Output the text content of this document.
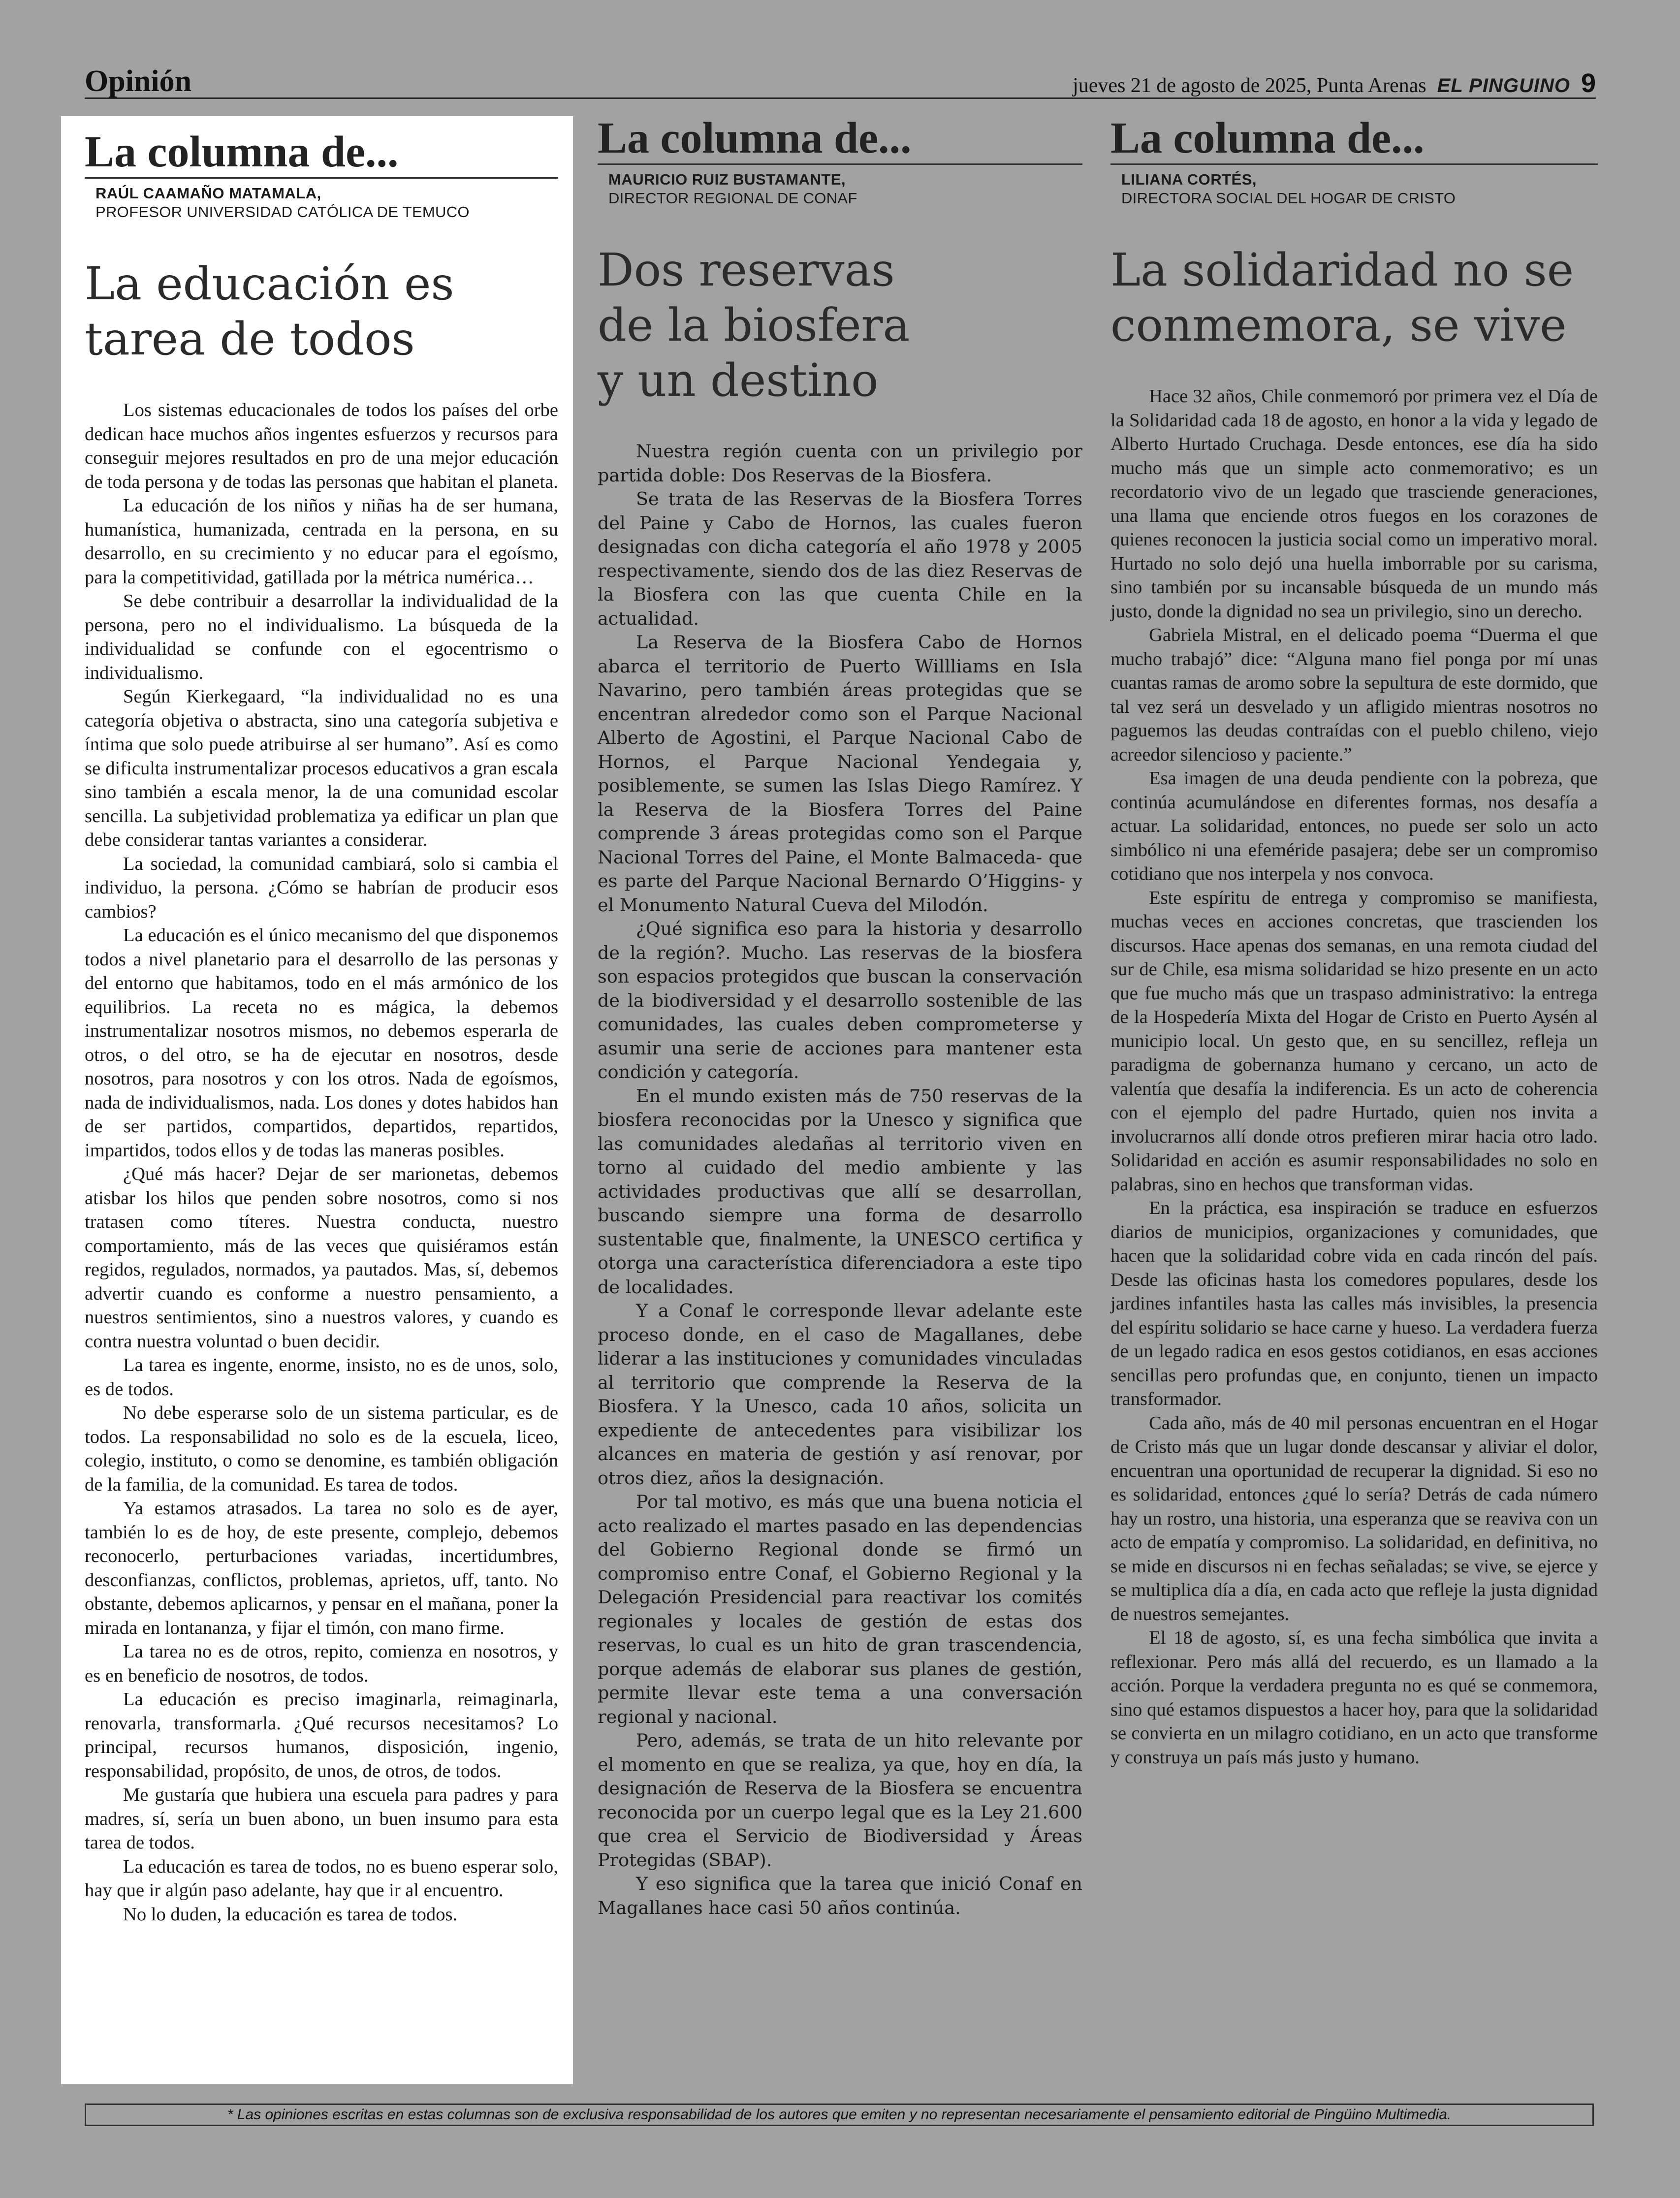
Opinión	jueves 21 de agosto de 2025, Punta Arenas EL PINGUINO 9
La columna de...
RAÚL CAAMAÑO MATAMALA,
PROFESOR UNIVERSIDAD CATÓLICA DE TEMUCO
La educación es
tarea de todos

Los sistemas educacionales de todos los países del orbe dedican hace muchos años ingentes esfuerzos y recursos para conseguir mejores resultados en pro de una mejor educación de toda persona y de todas las personas que habitan el planeta.

La educación de los niños y niñas ha de ser humana, humanística, humanizada, centrada en la persona, en su desarrollo, en su crecimiento y no educar para el egoísmo, para la competitividad, gatillada por la métrica numérica…

Se debe contribuir a desarrollar la individualidad de la persona, pero no el individualismo. La búsqueda de la individualidad se confunde con el egocentrismo o individualismo.

Según Kierkegaard, “la individualidad no es una categoría objetiva o abstracta, sino una categoría subjetiva e íntima que solo puede atribuirse al ser humano”. Así es como se dificulta instrumentalizar procesos educativos a gran escala sino también a escala menor, la de una comunidad escolar sencilla. La subjetividad problematiza ya edificar un plan que debe considerar tantas variantes a considerar.

La sociedad, la comunidad cambiará, solo si cambia el individuo, la persona. ¿Cómo se habrían de producir esos cambios?

La educación es el único mecanismo del que disponemos todos a nivel planetario para el desarrollo de las personas y del entorno que habitamos, todo en el más armónico de los equilibrios. La receta no es mágica, la debemos instrumentalizar nosotros mismos, no debemos esperarla de otros, o del otro, se ha de ejecutar en nosotros, desde nosotros, para nosotros y con los otros. Nada de egoísmos, nada de individualismos, nada. Los dones y dotes habidos han de ser partidos, compartidos, departidos, repartidos, impartidos, todos ellos y de todas las maneras posibles.

¿Qué más hacer? Dejar de ser marionetas, debemos atisbar los hilos que penden sobre nosotros, como si nos tratasen como títeres. Nuestra conducta, nuestro comportamiento, más de las veces que quisiéramos están regidos, regulados, normados, ya pautados. Mas, sí, debemos advertir cuando es conforme a nuestro pensamiento, a nuestros sentimientos, sino a nuestros valores, y cuando es contra nuestra voluntad o buen decidir.

La tarea es ingente, enorme, insisto, no es de unos, solo, es de todos.

No debe esperarse solo de un sistema particular, es de todos. La responsabilidad no solo es de la escuela, liceo, colegio, instituto, o como se denomine, es también obligación de la familia, de la comunidad. Es tarea de todos.

Ya estamos atrasados. La tarea no solo es de ayer, también lo es de hoy, de este presente, complejo, debemos reconocerlo, perturbaciones variadas, incertidumbres, desconfianzas, conflictos, problemas, aprietos, uff, tanto. No obstante, debemos aplicarnos, y pensar en el mañana, poner la mirada en lontananza, y fijar el timón, con mano firme.

La tarea no es de otros, repito, comienza en nosotros, y es en beneficio de nosotros, de todos.

La educación es preciso imaginarla, reimaginarla, renovarla, transformarla. ¿Qué recursos necesitamos? Lo principal, recursos humanos, disposición, ingenio, responsabilidad, propósito, de unos, de otros, de todos.

Me gustaría que hubiera una escuela para padres y para madres, sí, sería un buen abono, un buen insumo para esta tarea de todos.

La educación es tarea de todos, no es bueno esperar solo, hay que ir algún paso adelante, hay que ir al encuentro.

No lo duden, la educación es tarea de todos.

La columna de...
MAURICIO RUIZ BUSTAMANTE,
DIRECTOR REGIONAL DE CONAF
Dos reservas
de la biosfera
y un destino

Nuestra región cuenta con un privilegio por partida doble: Dos Reservas de la Biosfera.

Se trata de las Reservas de la Biosfera Torres del Paine y Cabo de Hornos, las cuales fueron designadas con dicha categoría el año 1978 y 2005 respectivamente, siendo dos de las diez Reservas de la Biosfera con las que cuenta Chile en la actualidad.

La Reserva de la Biosfera Cabo de Hornos abarca el territorio de Puerto Willliams en Isla Navarino, pero también áreas protegidas que se encentran alrededor como son el Parque Nacional Alberto de Agostini, el Parque Nacional Cabo de Hornos, el Parque Nacional Yendegaia y, posiblemente, se sumen las Islas Diego Ramírez. Y la Reserva de la Biosfera Torres del Paine comprende 3 áreas protegidas como son el Parque Nacional Torres del Paine, el Monte Balmaceda- que es parte del Parque Nacional Bernardo O’Higgins- y el Monumento Natural Cueva del Milodón.

¿Qué significa eso para la historia y desarrollo de la región?. Mucho. Las reservas de la biosfera son espacios protegidos que buscan la conservación de la biodiversidad y el desarrollo sostenible de las comunidades, las cuales deben comprometerse y asumir una serie de acciones para mantener esta condición y categoría.

En el mundo existen más de 750 reservas de la biosfera reconocidas por la Unesco y significa que las comunidades aledañas al territorio viven en torno al cuidado del medio ambiente y las actividades productivas que allí se desarrollan, buscando siempre una forma de desarrollo sustentable que, finalmente, la UNESCO certifica y otorga una característica diferenciadora a este tipo de localidades.

Y a Conaf le corresponde llevar adelante este proceso donde, en el caso de Magallanes, debe liderar a las instituciones y comunidades vinculadas al territorio que comprende la Reserva de la Biosfera. Y la Unesco, cada 10 años, solicita un expediente de antecedentes para visibilizar los alcances en materia de gestión y así renovar, por otros diez, años la designación.

Por tal motivo, es más que una buena noticia el acto realizado el martes pasado en las dependencias del Gobierno Regional donde se firmó un compromiso entre Conaf, el Gobierno Regional y la Delegación Presidencial para reactivar los comités regionales y locales de gestión de estas dos reservas, lo cual es un hito de gran trascendencia, porque además de elaborar sus planes de gestión, permite llevar este tema a una conversación regional y nacional.

Pero, además, se trata de un hito relevante por el momento en que se realiza, ya que, hoy en día, la designación de Reserva de la Biosfera se encuentra reconocida por un cuerpo legal que es la Ley 21.600 que crea el Servicio de Biodiversidad y Áreas Protegidas (SBAP).

Y eso significa que la tarea que inició Conaf en Magallanes hace casi 50 años continúa.

La columna de...
LILIANA CORTÉS,
DIRECTORA SOCIAL DEL HOGAR DE CRISTO
La solidaridad no se
conmemora, se vive

Hace 32 años, Chile conmemoró por primera vez el Día de la Solidaridad cada 18 de agosto, en honor a la vida y legado de Alberto Hurtado Cruchaga. Desde entonces, ese día ha sido mucho más que un simple acto conmemorativo; es un recordatorio vivo de un legado que trasciende generaciones, una llama que enciende otros fuegos en los corazones de quienes reconocen la justicia social como un imperativo moral. Hurtado no solo dejó una huella imborrable por su carisma, sino también por su incansable búsqueda de un mundo más justo, donde la dignidad no sea un privilegio, sino un derecho.

Gabriela Mistral, en el delicado poema “Duerma el que mucho trabajó” dice: “Alguna mano fiel ponga por mí unas cuantas ramas de aromo sobre la sepultura de este dormido, que tal vez será un desvelado y un afligido mientras nosotros no paguemos las deudas contraídas con el pueblo chileno, viejo acreedor silencioso y paciente.”

Esa imagen de una deuda pendiente con la pobreza, que continúa acumulándose en diferentes formas, nos desafía a actuar. La solidaridad, entonces, no puede ser solo un acto simbólico ni una efeméride pasajera; debe ser un compromiso cotidiano que nos interpela y nos convoca.

Este espíritu de entrega y compromiso se manifiesta, muchas veces en acciones concretas, que trascienden los discursos. Hace apenas dos semanas, en una remota ciudad del sur de Chile, esa misma solidaridad se hizo presente en un acto que fue mucho más que un traspaso administrativo: la entrega de la Hospedería Mixta del Hogar de Cristo en Puerto Aysén al municipio local. Un gesto que, en su sencillez, refleja un paradigma de gobernanza humano y cercano, un acto de valentía que desafía la indiferencia. Es un acto de coherencia con el ejemplo del padre Hurtado, quien nos invita a involucrarnos allí donde otros prefieren mirar hacia otro lado. Solidaridad en acción es asumir responsabilidades no solo en palabras, sino en hechos que transforman vidas.

En la práctica, esa inspiración se traduce en esfuerzos diarios de municipios, organizaciones y comunidades, que hacen que la solidaridad cobre vida en cada rincón del país. Desde las oficinas hasta los comedores populares, desde los jardines infantiles hasta las calles más invisibles, la presencia del espíritu solidario se hace carne y hueso. La verdadera fuerza de un legado radica en esos gestos cotidianos, en esas acciones sencillas pero profundas que, en conjunto, tienen un impacto transformador.

Cada año, más de 40 mil personas encuentran en el Hogar de Cristo más que un lugar donde descansar y aliviar el dolor, encuentran una oportunidad de recuperar la dignidad. Si eso no es solidaridad, entonces ¿qué lo sería? Detrás de cada número hay un rostro, una historia, una esperanza que se reaviva con un acto de empatía y compromiso. La solidaridad, en definitiva, no se mide en discursos ni en fechas señaladas; se vive, se ejerce y se multiplica día a día, en cada acto que refleje la justa dignidad de nuestros semejantes.

El 18 de agosto, sí, es una fecha simbólica que invita a reflexionar. Pero más allá del recuerdo, es un llamado a la acción. Porque la verdadera pregunta no es qué se conmemora, sino qué estamos dispuestos a hacer hoy, para que la solidaridad se convierta en un milagro cotidiano, en un acto que transforme y construya un país más justo y humano.

* Las opiniones escritas en estas columnas son de exclusiva responsabilidad de los autores que emiten y no representan necesariamente el pensamiento editorial de Pingüino Multimedia.
